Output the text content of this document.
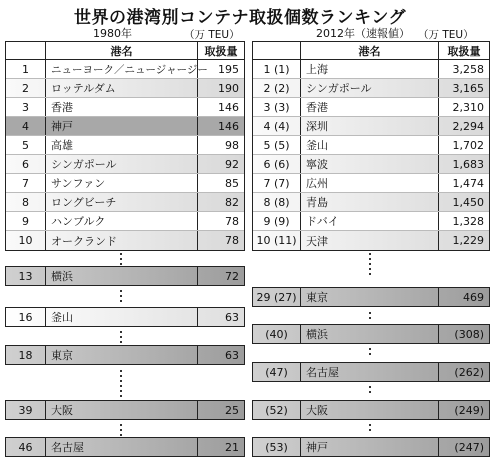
世界の港湾別コンテナ取扱個数ランキング
1980年	（万 TEU）
港名	取扱量
1	ニューヨーク／ニュージャージー 195
2	ロッテルダム	190
3	香港	146
4	神戸	146
5	高雄	98
6	シンガポール	92
7	サンファン	85
8	ロングビーチ	82
9	ハンブルク	78
10	オークランド	78
13	横浜	72
16	釜山	63
18	東京	63
39	大阪	25
46	名古屋	21
2012年（速報値） （万 TEU）
港名	取扱量
1 (1)	上海	3,258
2 (2)	シンガポール	3,165
3 (3)	香港	2,310
4 (4)	深圳	2,294
5 (5)	釜山	1,702
6 (6)	寧波	1,683
7 (7)	広州	1,474
8 (8)	青島	1,450
9 (9)	ドバイ	1,328
10 (11) 天津	1,229
29 (27) 東京	469
(40)	横浜	(308)
(47)	名古屋	(262)
(52)	大阪	(249)
(53)	神戸	(247)
